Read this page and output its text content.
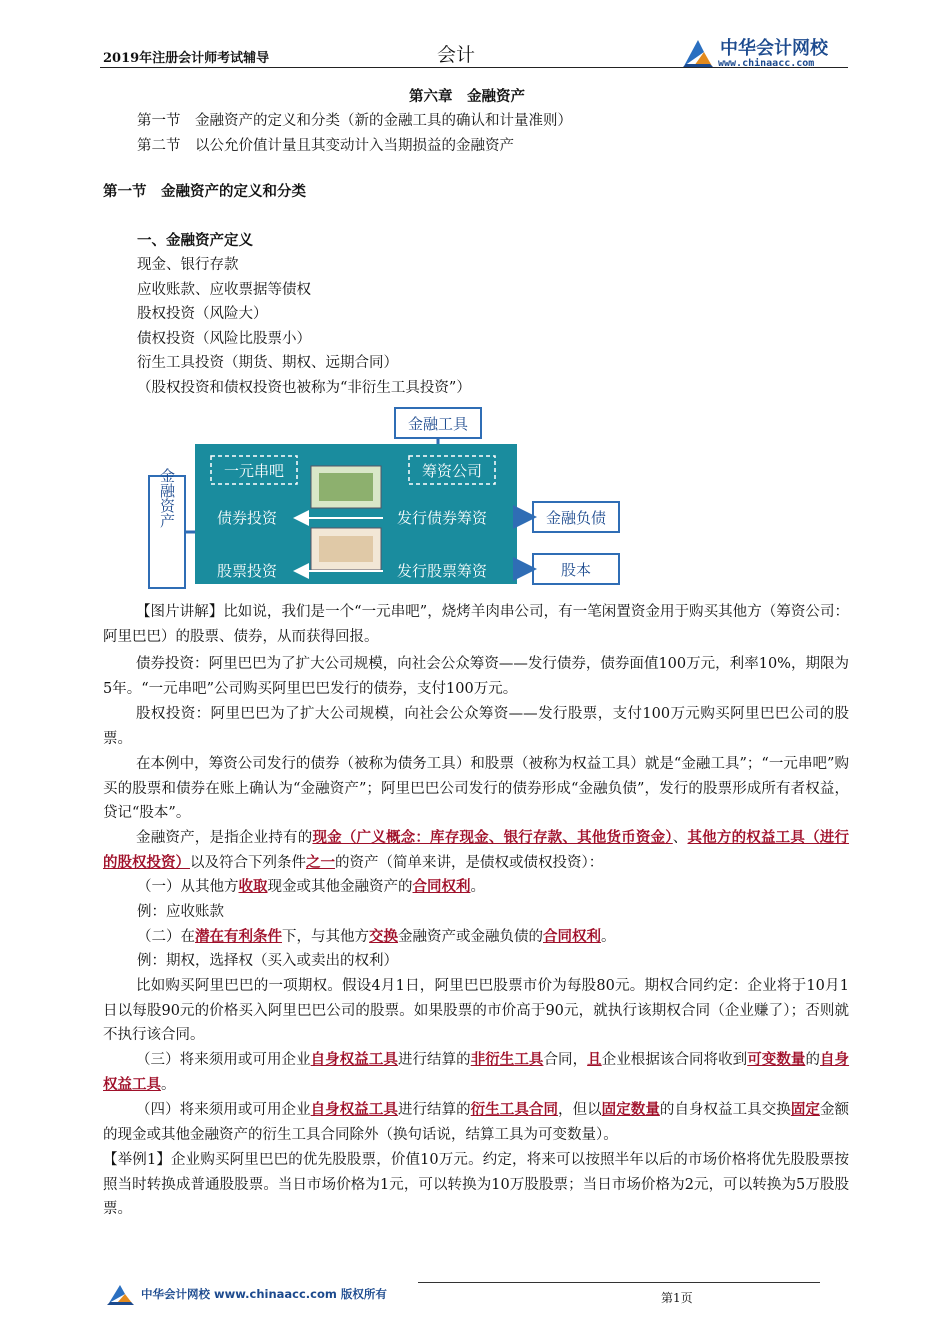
2019年注册会计师考试辅导	会计	中华会计网校
www.chinaacc.com
第六章　金融资产
第一节　金融资产的定义和分类（新的金融工具的确认和计量准则）
第二节　以公允价值计量且其变动计入当期损益的金融资产
第一节　金融资产的定义和分类
一、金融资产定义
现金、银行存款
应收账款、应收票据等债权
股权投资（风险大）
债权投资（风险比股票小）
衍生工具投资（期货、期权、远期合同）
（股权投资和债权投资也被称为“非衍生工具投资”）
金融资产
金融工具
一元串吧	筹资公司
债券投资	发行债券筹资
股票投资	发行股票筹资
金融负债
股本
【图片讲解】比如说，我们是一个“一元串吧”，烧烤羊肉串公司，有一笔闲置资金用于购买其他方（筹资公司：阿里巴巴）的股票、债券，从而获得回报。
债券投资：阿里巴巴为了扩大公司规模，向社会公众筹资——发行债券，债券面值100万元，利率10%，期限为5年。“一元串吧”公司购买阿里巴巴发行的债券，支付100万元。
股权投资：阿里巴巴为了扩大公司规模，向社会公众筹资——发行股票，支付100万元购买阿里巴巴公司的股票。
在本例中，筹资公司发行的债券（被称为债务工具）和股票（被称为权益工具）就是“金融工具”；“一元串吧”购买的股票和债券在账上确认为“金融资产”；阿里巴巴公司发行的债券形成“金融负债”，发行的股票形成所有者权益，贷记“股本”。
金融资产，是指企业持有的现金（广义概念：库存现金、银行存款、其他货币资金）、其他方的权益工具（进行的股权投资）以及符合下列条件之一的资产（简单来讲，是债权或债权投资）：
（一）从其他方收取现金或其他金融资产的合同权利。
例：应收账款
（二）在潜在有利条件下，与其他方交换金融资产或金融负债的合同权利。
例：期权，选择权（买入或卖出的权利）
比如购买阿里巴巴的一项期权。假设4月1日，阿里巴巴股票市价为每股80元。期权合同约定：企业将于10月1日以每股90元的价格买入阿里巴巴公司的股票。如果股票的市价高于90元，就执行该期权合同（企业赚了）；否则就不执行该合同。
（三）将来须用或可用企业自身权益工具进行结算的非衍生工具合同，且企业根据该合同将收到可变数量的自身权益工具。
（四）将来须用或可用企业自身权益工具进行结算的衍生工具合同，但以固定数量的自身权益工具交换固定金额的现金或其他金融资产的衍生工具合同除外（换句话说，结算工具为可变数量）。
【举例1】企业购买阿里巴巴的优先股股票，价值10万元。约定，将来可以按照半年以后的市场价格将优先股股票按照当时转换成普通股股票。当日市场价格为1元，可以转换为10万股股票；当日市场价格为2元，可以转换为5万股股票。
中华会计网校 www.chinaacc.com 版权所有	第1页
